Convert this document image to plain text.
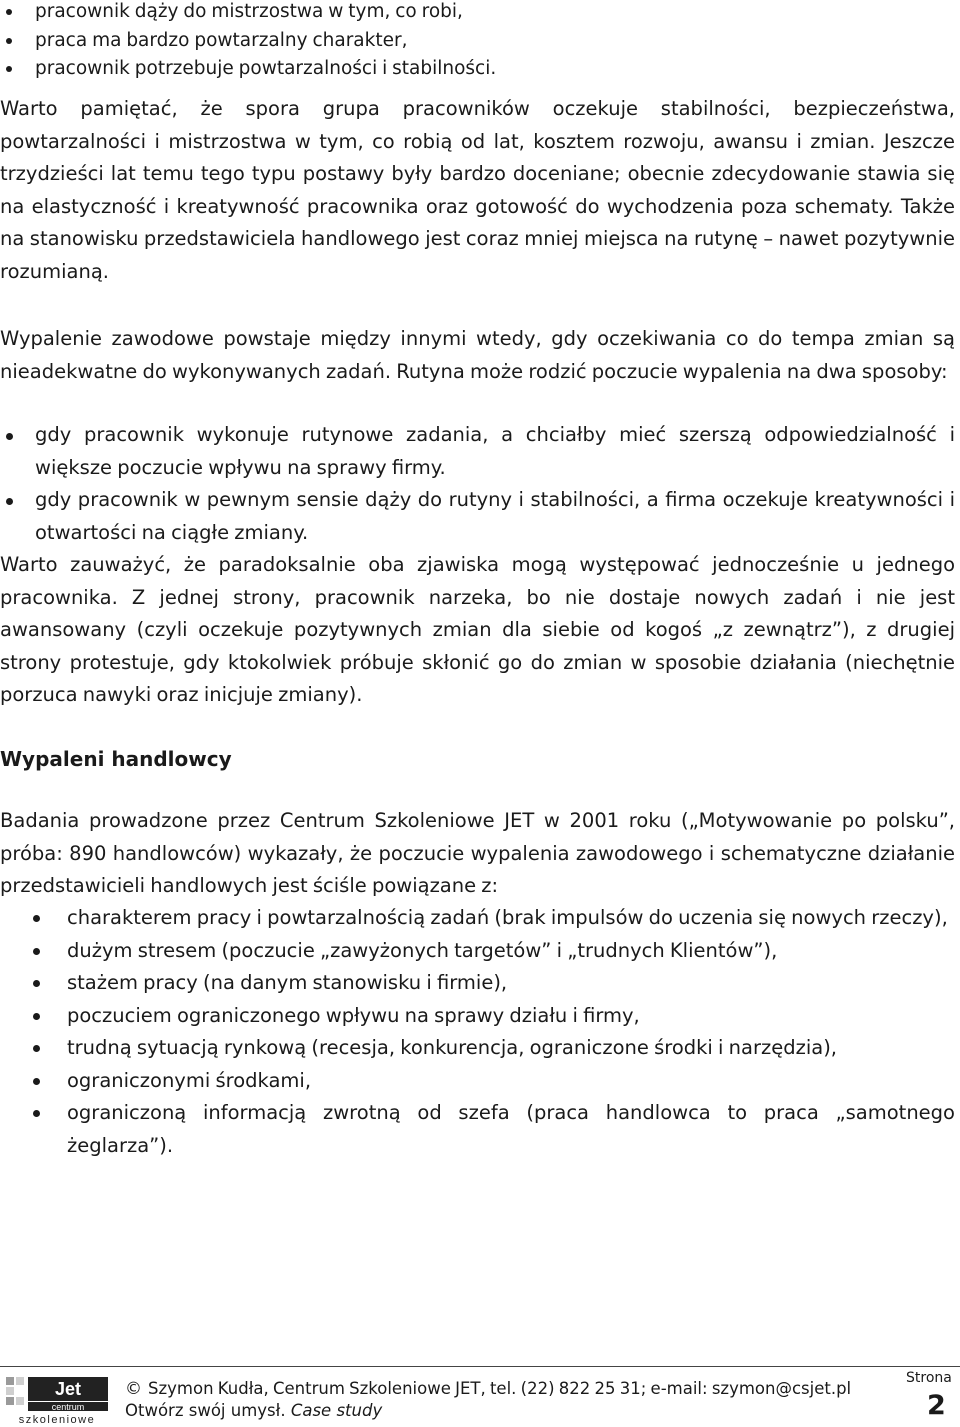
pracownik dąży do mistrzostwa w tym, co robi,
praca ma bardzo powtarzalny charakter,
pracownik potrzebuje powtarzalności i stabilności.

Warto pamiętać, że spora grupa pracowników oczekuje stabilności, bezpieczeństwa, powtarzalności i mistrzostwa w tym, co robią od lat, kosztem rozwoju, awansu i zmian. Jeszcze trzydzieści lat temu tego typu postawy były bardzo doceniane; obecnie zdecydowanie stawia się na elastyczność i kreatywność pracownika oraz gotowość do wychodzenia poza schematy. Także na stanowisku przedstawiciela handlowego jest coraz mniej miejsca na rutynę – nawet pozytywnie rozumianą.

Wypalenie zawodowe powstaje między innymi wtedy, gdy oczekiwania co do tempa zmian są nieadekwatne do wykonywanych zadań. Rutyna może rodzić poczucie wypalenia na dwa sposoby:

gdy pracownik wykonuje rutynowe zadania, a chciałby mieć szerszą odpowiedzialność i większe poczucie wpływu na sprawy firmy.
gdy pracownik w pewnym sensie dąży do rutyny i stabilności, a firma oczekuje kreatywności i otwartości na ciągłe zmiany.

Warto zauważyć, że paradoksalnie oba zjawiska mogą występować jednocześnie u jednego pracownika. Z jednej strony, pracownik narzeka, bo nie dostaje nowych zadań i nie jest awansowany (czyli oczekuje pozytywnych zmian dla siebie od kogoś „z zewnątrz”), z drugiej strony protestuje, gdy ktokolwiek próbuje skłonić go do zmian w sposobie działania (niechętnie porzuca nawyki oraz inicjuje zmiany).

Wypaleni handlowcy

Badania prowadzone przez Centrum Szkoleniowe JET w 2001 roku („Motywowanie po polsku”, próba: 890 handlowców) wykazały, że poczucie wypalenia zawodowego i schematyczne działanie przedstawicieli handlowych jest ściśle powiązane z:

charakterem pracy i powtarzalnością zadań (brak impulsów do uczenia się nowych rzeczy),
dużym stresem (poczucie „zawyżonych targetów” i „trudnych Klientów”),
stażem pracy (na danym stanowisku i firmie),
poczuciem ograniczonego wpływu na sprawy działu i firmy,
trudną sytuacją rynkową (recesja, konkurencja, ograniczone środki i narzędzia),
ograniczonymi środkami,
ograniczoną informacją zwrotną od szefa (praca handlowca to praca „samotnego żeglarza”).
Jet
centrum
szkoleniowe
© Szymon Kudła, Centrum Szkoleniowe JET, tel. (22) 822 25 31; e-mail: szymon@csjet.pl
Otwórz swój umysł. Case study
Strona
2
